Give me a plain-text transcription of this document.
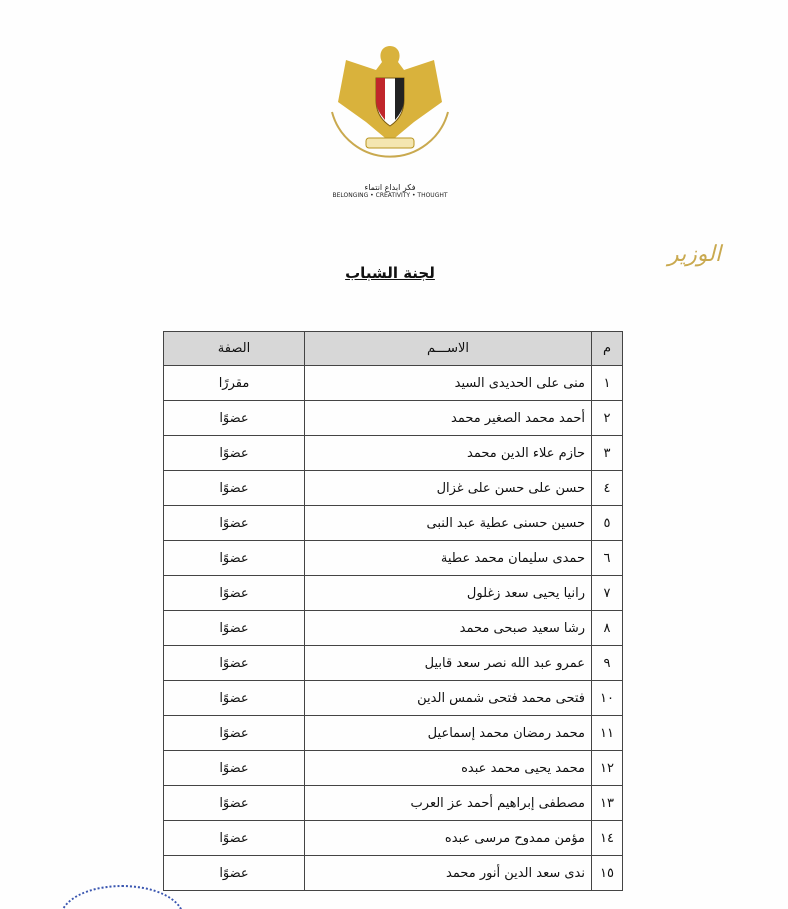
فكر ابداع انتماء
BELONGING • CREATIVITY • THOUGHT
الوزير
لجنة الشباب
م	الاســـم	الصفة
١	منى على الحديدى السيد	مقررًا
٢	أحمد محمد الصغير محمد	عضوًا
٣	حازم علاء الدين محمد	عضوًا
٤	حسن على حسن على غزال	عضوًا
٥	حسين حسنى عطية عبد النبى	عضوًا
٦	حمدى سليمان محمد عطية	عضوًا
٧	رانيا يحيى سعد زغلول	عضوًا
٨	رشا سعيد صبحى محمد	عضوًا
٩	عمرو عبد الله نصر سعد قابيل	عضوًا
١٠	فتحى محمد فتحى شمس الدين	عضوًا
١١	محمد رمضان محمد إسماعيل	عضوًا
١٢	محمد يحيى محمد عبده	عضوًا
١٣	مصطفى إبراهيم أحمد عز العرب	عضوًا
١٤	مؤمن ممدوح مرسى عبده	عضوًا
١٥	ندى سعد الدين أنور محمد	عضوًا
